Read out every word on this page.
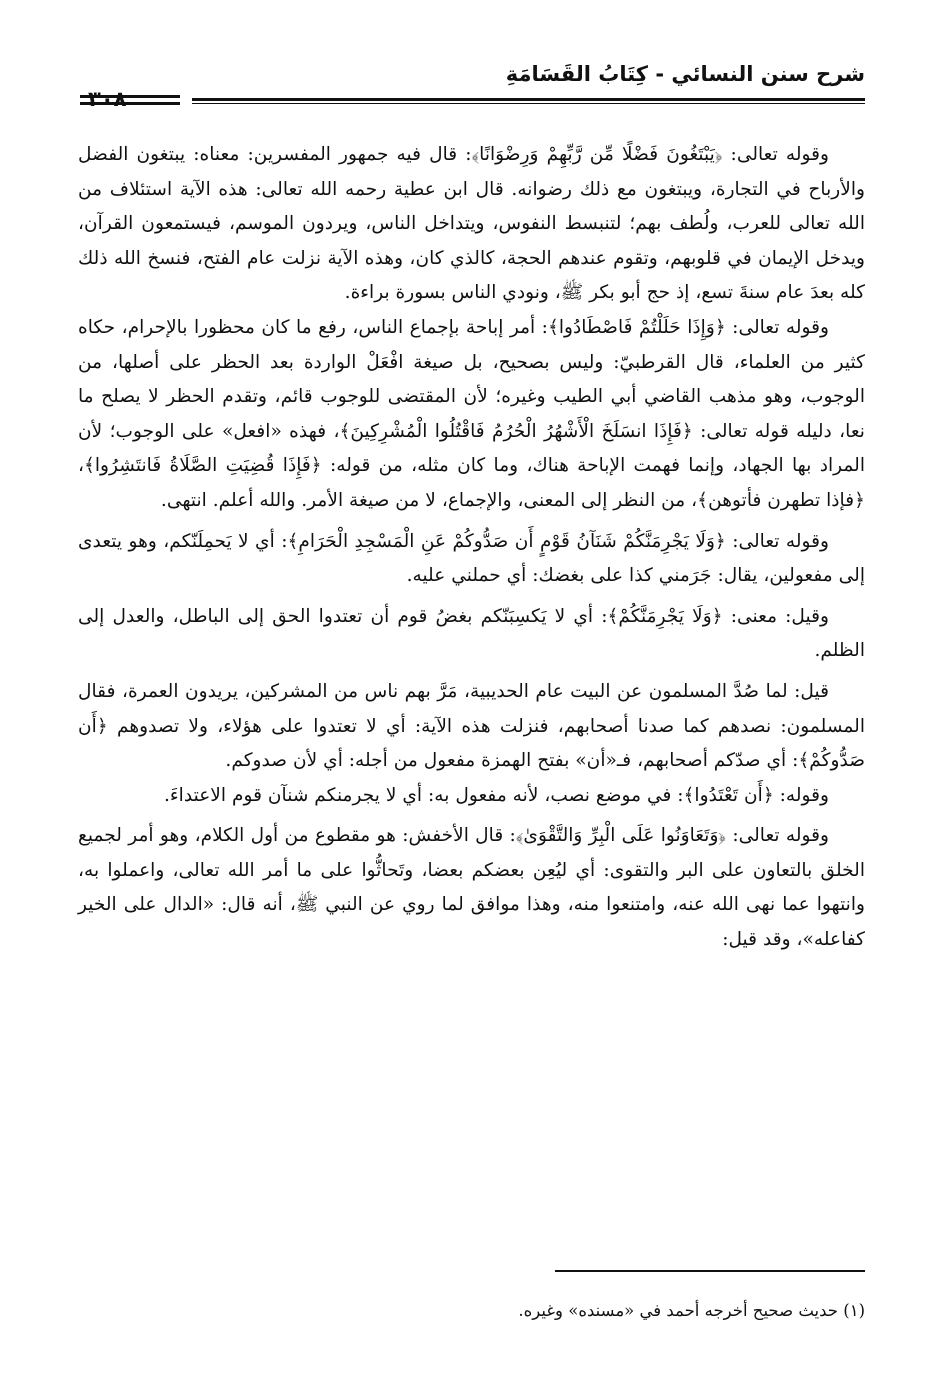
شرح سنن النسائي - كِتَابُ القَسَامَةِ
٣٠٨

وقوله تعالى: ﴿يَبْتَغُونَ فَضْلًا مِّن رَّبِّهِمْ وَرِضْوَانًا﴾: قال فيه جمهور المفسرين: معناه: يبتغون الفضل والأرباح في التجارة، ويبتغون مع ذلك رضوانه. قال ابن عطية رحمه الله تعالى: هذه الآية استئلاف من الله تعالى للعرب، ولُطف بهم؛ لتنبسط النفوس، ويتداخل الناس، ويردون الموسم، فيستمعون القرآن، ويدخل الإيمان في قلوبهم، وتقوم عندهم الحجة، كالذي كان، وهذه الآية نزلت عام الفتح، فنسخ الله ذلك كله بعدَ عام سنةَ تسع، إذ حج أبو بكر ﷺ، ونودي الناس بسورة براءة.

وقوله تعالى: ﴿وَإِذَا حَلَلْتُمْ فَاصْطَادُوا﴾: أمر إباحة بإجماع الناس، رفع ما كان محظورا بالإحرام، حكاه كثير من العلماء، قال القرطبيّ: وليس بصحيح، بل صيغة افْعَلْ الواردة بعد الحظر على أصلها، من الوجوب، وهو مذهب القاضي أبي الطيب وغيره؛ لأن المقتضى للوجوب قائم، وتقدم الحظر لا يصلح ما نعا، دليله قوله تعالى: ﴿فَإِذَا انسَلَخَ الْأَشْهُرُ الْحُرُمُ فَاقْتُلُوا الْمُشْرِكِينَ﴾، فهذه «افعل» على الوجوب؛ لأن المراد بها الجهاد، وإنما فهمت الإباحة هناك، وما كان مثله، من قوله: ﴿فَإِذَا قُضِيَتِ الصَّلَاةُ فَانتَشِرُوا﴾، ﴿فإذا تطهرن فأتوهن﴾، من النظر إلى المعنى، والإجماع، لا من صيغة الأمر. والله أعلم. انتهى.

وقوله تعالى: ﴿وَلَا يَجْرِمَنَّكُمْ شَنَآنُ قَوْمٍ أَن صَدُّوكُمْ عَنِ الْمَسْجِدِ الْحَرَامِ﴾: أي لا يَحمِلَنّكم، وهو يتعدى إلى مفعولين، يقال: جَرَمني كذا على بغضك: أي حملني عليه.

وقيل: معنى: ﴿وَلَا يَجْرِمَنَّكُمْ﴾: أي لا يَكسِبَنّكم بغضُ قوم أن تعتدوا الحق إلى الباطل، والعدل إلى الظلم.

قيل: لما صُدَّ المسلمون عن البيت عام الحديبية، مَرَّ بهم ناس من المشركين، يريدون العمرة، فقال المسلمون: نصدهم كما صدنا أصحابهم، فنزلت هذه الآية: أي لا تعتدوا على هؤلاء، ولا تصدوهم ﴿أَن صَدُّوكُمْ﴾: أي صدّكم أصحابهم، فـ«أن» بفتح الهمزة مفعول من أجله: أي لأن صدوكم.

وقوله: ﴿أَن تَعْتَدُوا﴾: في موضع نصب، لأنه مفعول به: أي لا يجرمنكم شنآن قوم الاعتداءَ.

وقوله تعالى: ﴿وَتَعَاوَنُوا عَلَى الْبِرِّ وَالتَّقْوَىٰ﴾: قال الأخفش: هو مقطوع من أول الكلام، وهو أمر لجميع الخلق بالتعاون على البر والتقوى: أي ليُعِن بعضكم بعضا، وتَحاثُّوا على ما أمر الله تعالى، واعملوا به، وانتهوا عما نهى الله عنه، وامتنعوا منه، وهذا موافق لما روي عن النبي ﷺ، أنه قال: «الدال على الخير كفاعله»، وقد قيل:

(١) حديث صحيح أخرجه أحمد في «مسنده» وغيره.
